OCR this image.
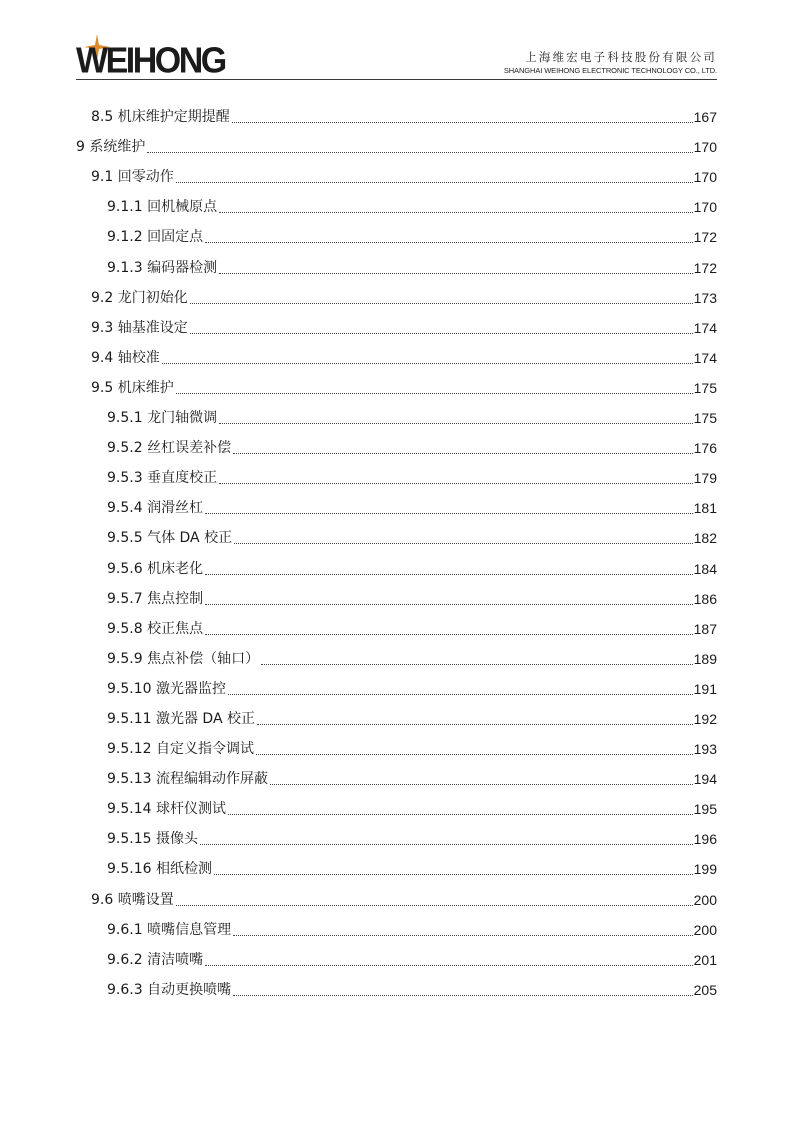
WEIHONG	上海维宏电子科技股份有限公司
SHANGHAI WEIHONG ELECTRONIC TECHNOLOGY CO., LTD.
8.5 机床维护定期提醒	167
9 系统维护	170
9.1 回零动作	170
9.1.1 回机械原点	170
9.1.2 回固定点	172
9.1.3 编码器检测	172
9.2 龙门初始化	173
9.3 轴基准设定	174
9.4 轴校准	174
9.5 机床维护	175
9.5.1 龙门轴微调	175
9.5.2 丝杠误差补偿	176
9.5.3 垂直度校正	179
9.5.4 润滑丝杠	181
9.5.5 气体 DA 校正	182
9.5.6 机床老化	184
9.5.7 焦点控制	186
9.5.8 校正焦点	187
9.5.9 焦点补偿（轴口）	189
9.5.10 激光器监控	191
9.5.11 激光器 DA 校正	192
9.5.12 自定义指令调试	193
9.5.13 流程编辑动作屏蔽	194
9.5.14 球杆仪测试	195
9.5.15 摄像头	196
9.5.16 相纸检测	199
9.6 喷嘴设置	200
9.6.1 喷嘴信息管理	200
9.6.2 清洁喷嘴	201
9.6.3 自动更换喷嘴	205
